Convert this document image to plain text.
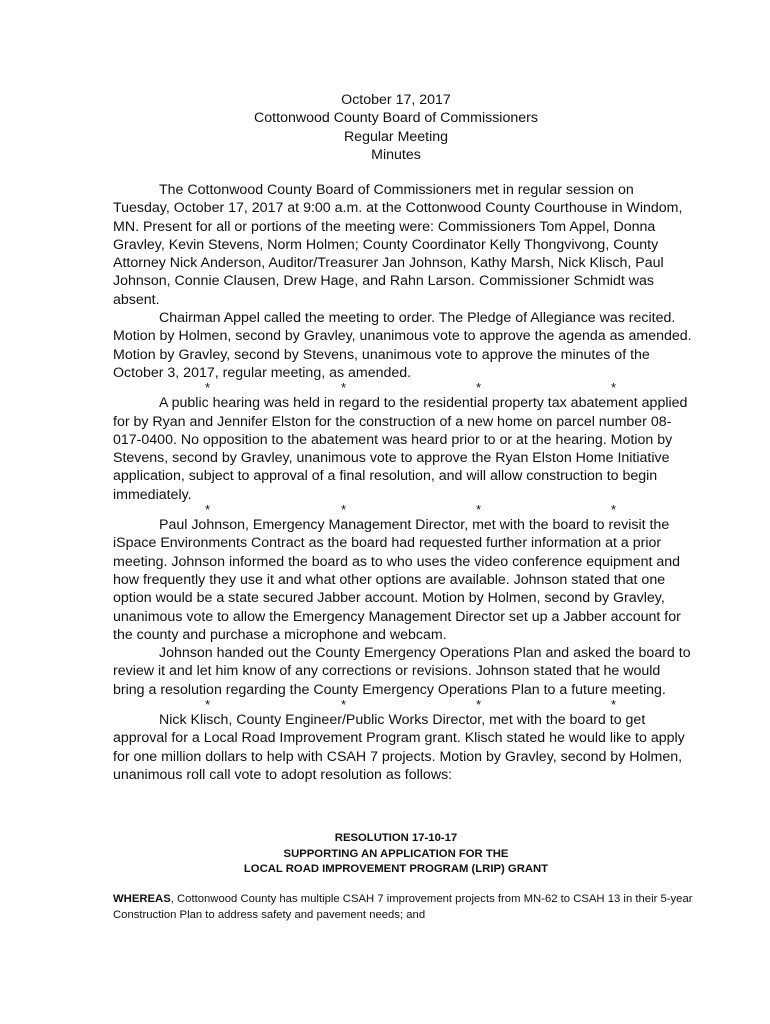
October 17, 2017
Cottonwood County Board of Commissioners
Regular Meeting
Minutes

The Cottonwood County Board of Commissioners met in regular session on Tuesday, October 17, 2017 at 9:00 a.m. at the Cottonwood County Courthouse in Windom, MN. Present for all or portions of the meeting were: Commissioners Tom Appel, Donna Gravley, Kevin Stevens, Norm Holmen; County Coordinator Kelly Thongvivong, County Attorney Nick Anderson, Auditor/Treasurer Jan Johnson, Kathy Marsh, Nick Klisch, Paul Johnson, Connie Clausen, Drew Hage, and Rahn Larson. Commissioner Schmidt was absent.

Chairman Appel called the meeting to order. The Pledge of Allegiance was recited. Motion by Holmen, second by Gravley, unanimous vote to approve the agenda as amended. Motion by Gravley, second by Stevens, unanimous vote to approve the minutes of the October 3, 2017, regular meeting, as amended.

*	*	*	*

A public hearing was held in regard to the residential property tax abatement applied for by Ryan and Jennifer Elston for the construction of a new home on parcel number 08-017-0400. No opposition to the abatement was heard prior to or at the hearing. Motion by Stevens, second by Gravley, unanimous vote to approve the Ryan Elston Home Initiative application, subject to approval of a final resolution, and will allow construction to begin immediately.

*	*	*	*

Paul Johnson, Emergency Management Director, met with the board to revisit the iSpace Environments Contract as the board had requested further information at a prior meeting. Johnson informed the board as to who uses the video conference equipment and how frequently they use it and what other options are available. Johnson stated that one option would be a state secured Jabber account. Motion by Holmen, second by Gravley, unanimous vote to allow the Emergency Management Director set up a Jabber account for the county and purchase a microphone and webcam.

Johnson handed out the County Emergency Operations Plan and asked the board to review it and let him know of any corrections or revisions. Johnson stated that he would bring a resolution regarding the County Emergency Operations Plan to a future meeting.

*	*	*	*

Nick Klisch, County Engineer/Public Works Director, met with the board to get approval for a Local Road Improvement Program grant. Klisch stated he would like to apply for one million dollars to help with CSAH 7 projects. Motion by Gravley, second by Holmen, unanimous roll call vote to adopt resolution as follows:

RESOLUTION 17-10-17
SUPPORTING AN APPLICATION FOR THE
LOCAL ROAD IMPROVEMENT PROGRAM (LRIP) GRANT
WHEREAS, Cottonwood County has multiple CSAH 7 improvement projects from MN-62 to CSAH 13 in their 5-year Construction Plan to address safety and pavement needs; and
